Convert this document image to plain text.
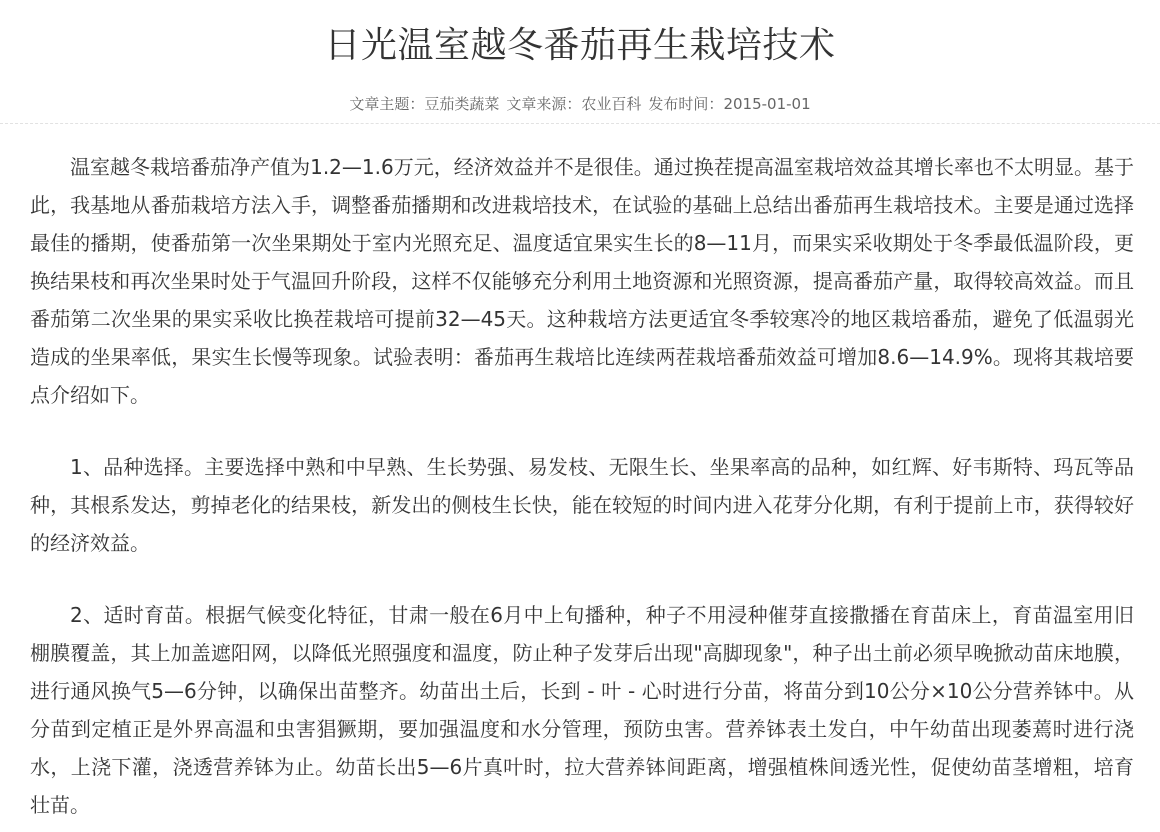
日光温室越冬番茄再生栽培技术
文章主题：豆茄类蔬菜 文章来源：农业百科 发布时间：2015-01-01

温室越冬栽培番茄净产值为1.2—1.6万元，经济效益并不是很佳。通过换茬提高温室栽培效益其增长率也不太明显。基于此，我基地从番茄栽培方法入手，调整番茄播期和改进栽培技术，在试验的基础上总结出番茄再生栽培技术。主要是通过选择最佳的播期，使番茄第一次坐果期处于室内光照充足、温度适宜果实生长的8—11月，而果实采收期处于冬季最低温阶段，更换结果枝和再次坐果时处于气温回升阶段，这样不仅能够充分利用土地资源和光照资源，提高番茄产量，取得较高效益。而且番茄第二次坐果的果实采收比换茬栽培可提前32—45天。这种栽培方法更适宜冬季较寒冷的地区栽培番茄，避免了低温弱光造成的坐果率低，果实生长慢等现象。试验表明：番茄再生栽培比连续两茬栽培番茄效益可增加8.6—14.9%。现将其栽培要点介绍如下。

1、品种选择。主要选择中熟和中早熟、生长势强、易发枝、无限生长、坐果率高的品种，如红辉、好韦斯特、玛瓦等品种，其根系发达，剪掉老化的结果枝，新发出的侧枝生长快，能在较短的时间内进入花芽分化期，有利于提前上市，获得较好的经济效益。

2、适时育苗。根据气候变化特征，甘肃一般在6月中上旬播种，种子不用浸种催芽直接撒播在育苗床上，育苗温室用旧棚膜覆盖，其上加盖遮阳网，以降低光照强度和温度，防止种子发芽后出现"高脚现象"，种子出土前必须早晚掀动苗床地膜，进行通风换气5—6分钟，以确保出苗整齐。幼苗出土后，长到 - 叶 - 心时进行分苗，将苗分到10公分×10公分营养钵中。从分苗到定植正是外界高温和虫害猖獗期，要加强温度和水分管理，预防虫害。营养钵表土发白，中午幼苗出现萎蔫时进行浇水，上浇下灌，浇透营养钵为止。幼苗长出5—6片真叶时，拉大营养钵间距离，增强植株间透光性，促使幼苗茎增粗，培育壮苗。
